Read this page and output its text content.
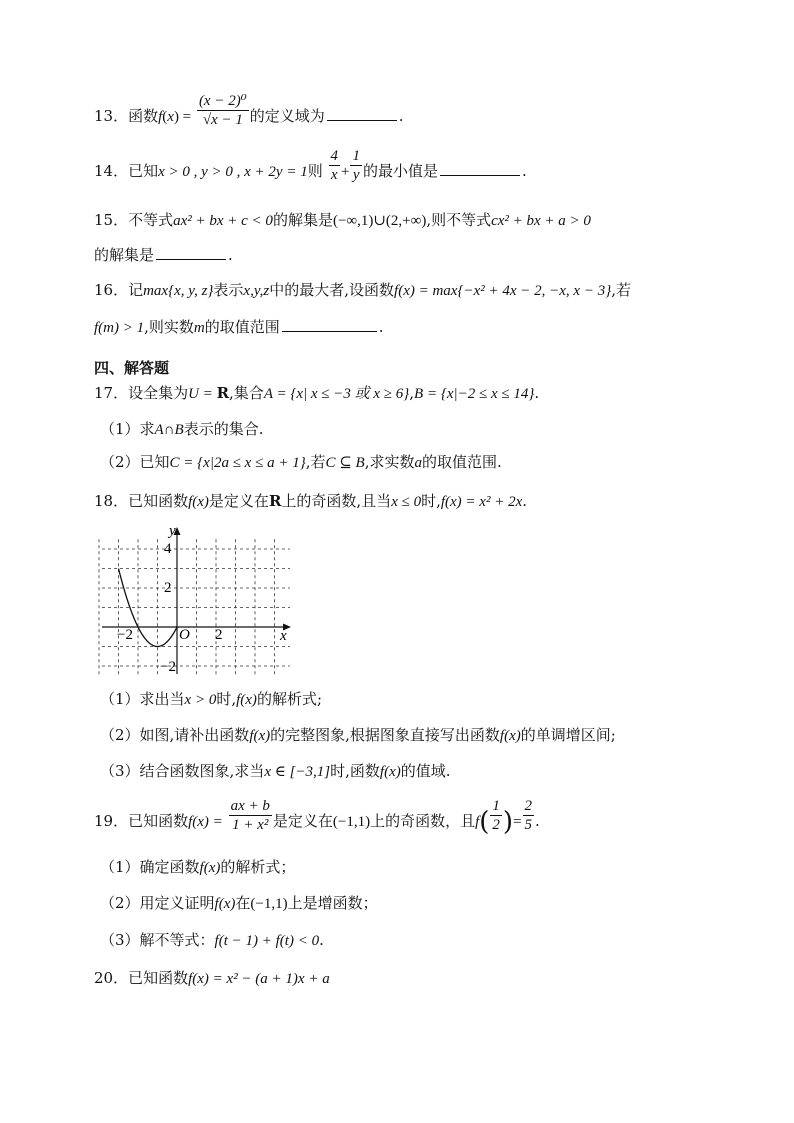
13．函数$f(x) = \frac{\text{(x − 2)⁰}}{√x - 1}$ 的定义域为	.
14．已知x > 0 , y > 0 , x + 2y = 1则 $\frac{4}{x} + \frac{1}{y}$ 的最小值是	.
15．不等式ax² + bx + c < 0的解集是(−∞,1)∪(2,+∞),则不等式cx² + bx + a > 0
的解集是	.
16．记max{x, y, z}表示x,y,z中的最大者,设函数f(x) = max{−x² + 4x − 2, −x, x − 3},若
f(m) > 1,则实数m的取值范围	.
四、解答题
17．设全集为U = R,集合A = {x| x ≤ −3 或 x ≥ 6},B = {x|−2 ≤ x ≤ 14}.
（1）求A∩B表示的集合.
（2）已知C = {x|2a ≤ x ≤ a + 1},若C ⊆ B,求实数a的取值范围.
18．已知函数f(x)是定义在R上的奇函数,且当x ≤ 0时,f(x) = x² + 2x.
y
x
O
4
2
−2
−2	2
（1）求出当x > 0时,f(x)的解析式;
（2）如图,请补出函数f(x)的完整图象,根据图象直接写出函数f(x)的单调增区间;
（3）结合函数图象,求当x ∈ [−3,1]时,函数f(x)的值域.
19．已知函数$f(x) = \frac{ax + b}{\text{1 + x²}}$ 是定义在(−1,1)上的奇函数，且$f( \frac{1}{2}$ )= $\frac{2}{5}$ .
（1）确定函数f(x)的解析式；
（2）用定义证明f(x)在(−1,1)上是增函数；
（3）解不等式：f(t − 1) + f(t) < 0.
20．已知函数f(x) = x² − (a + 1)x + a
